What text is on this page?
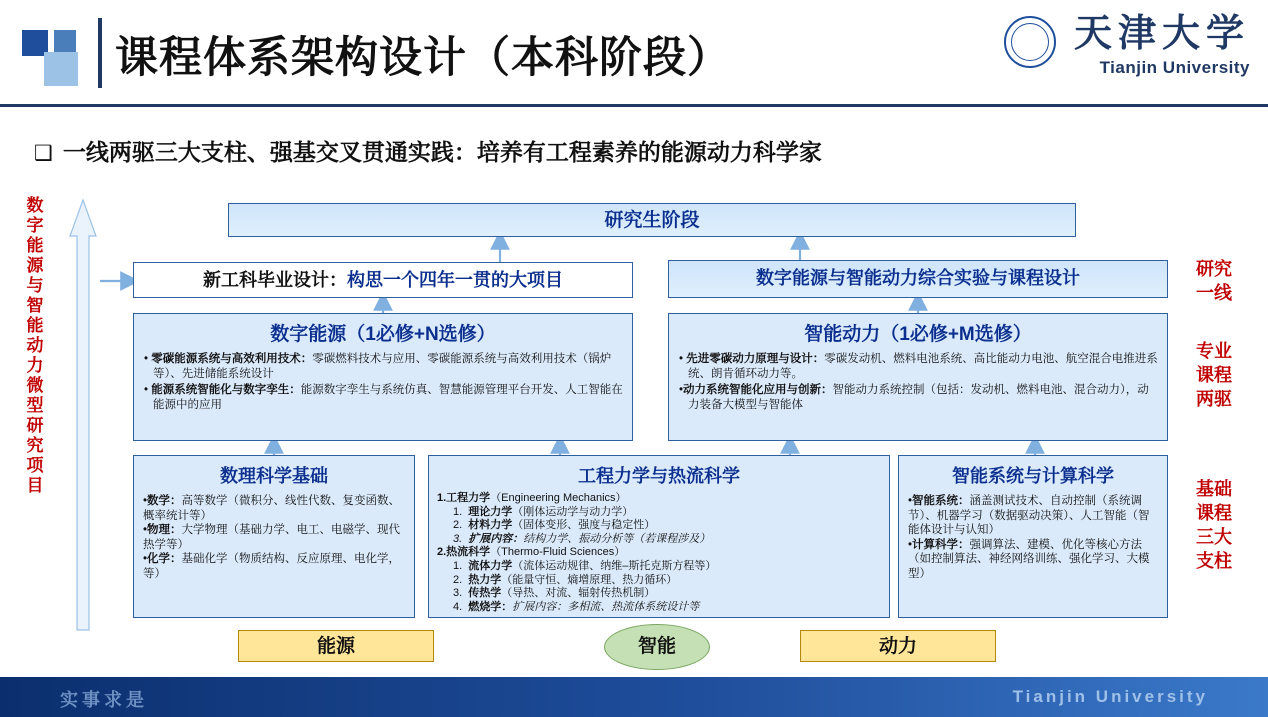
课程体系架构设计（本科阶段）
天津大学
Tianjin University
❑ 一线两驱三大支柱、强基交叉贯通实践：培养有工程素养的能源动力科学家
数字能源与智能动力微型研究项目
研究
一线
专业
课程
两驱
基础
课程
三大
支柱
研究生阶段
新工科毕业设计：构思一个四年一贯的大项目	数字能源与智能动力综合实验与课程设计
数字能源（1必修+N选修）
• 零碳能源系统与高效利用技术：零碳燃料技术与应用、零碳能源系统与高效利用技术（锅炉等）、先进储能系统设计
• 能源系统智能化与数字孪生：能源数字孪生与系统仿真、智慧能源管理平台开发、人工智能在能源中的应用
智能动力（1必修+M选修）
• 先进零碳动力原理与设计：零碳发动机、燃料电池系统、高比能动力电池、航空混合电推进系统、朗肯循环动力等。
•动力系统智能化应用与创新：智能动力系统控制（包括：发动机、燃料电池、混合动力），动力装备大模型与智能体
数理科学基础
•数学：高等数学（微积分、线性代数、复变函数、概率统计等）
•物理：大学物理（基础力学、电工、电磁学、现代热学等）
•化学：基础化学（物质结构、反应原理、电化学，等）
工程力学与热流科学
1.工程力学（Engineering Mechanics）
1.  理论力学（刚体运动学与动力学）
2.  材料力学（固体变形、强度与稳定性）
3.  扩展内容：结构力学、振动分析等（若课程涉及）
2.热流科学（Thermo-Fluid Sciences）
1.  流体力学（流体运动规律、纳维–斯托克斯方程等）
2.  热力学（能量守恒、熵增原理、热力循环）
3.  传热学（导热、对流、辐射传热机制）
4.  燃烧学：扩展内容：多相流、热流体系统设计等
智能系统与计算科学
•智能系统：涵盖测试技术、自动控制（系统调节）、机器学习（数据驱动决策）、人工智能（智能体设计与认知）
•计算科学：强调算法、建模、优化等核心方法（如控制算法、神经网络训练、强化学习、大模型）
能源	智能	动力
实事求是	Tianjin University
